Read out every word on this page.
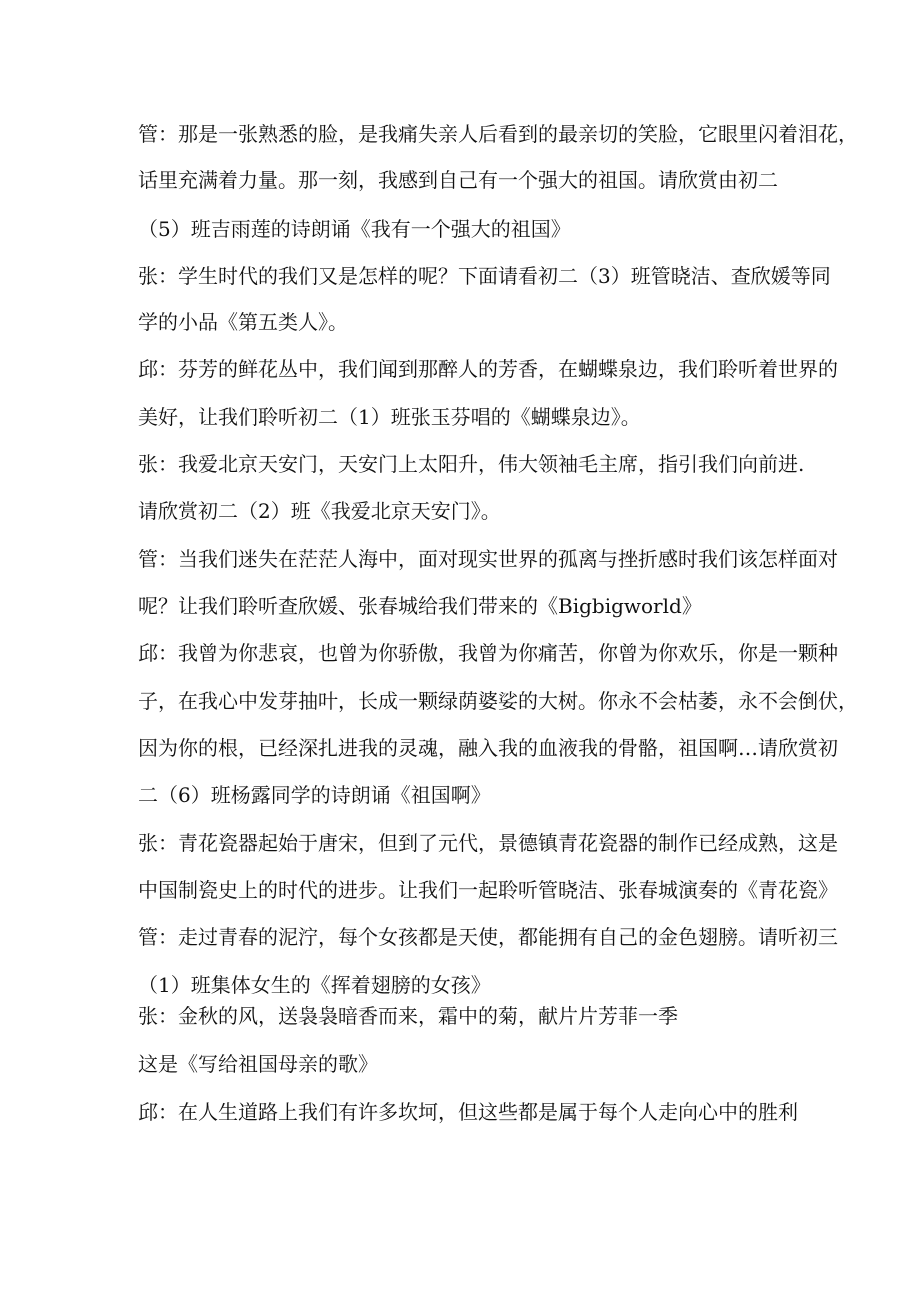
管：那是一张熟悉的脸，是我痛失亲人后看到的最亲切的笑脸，它眼里闪着泪花，
话里充满着力量。那一刻，我感到自己有一个强大的祖国。请欣赏由初二
（5）班吉雨莲的诗朗诵《我有一个强大的祖国》
张：学生时代的我们又是怎样的呢？下面请看初二（3）班管晓洁、查欣媛等同
学的小品《第五类人》。
邱：芬芳的鲜花丛中，我们闻到那醉人的芳香，在蝴蝶泉边，我们聆听着世界的
美好，让我们聆听初二（1）班张玉芬唱的《蝴蝶泉边》。
张：我爱北京天安门，天安门上太阳升，伟大领袖毛主席，指引我们向前进.
请欣赏初二（2）班《我爱北京天安门》。
管：当我们迷失在茫茫人海中，面对现实世界的孤离与挫折感时我们该怎样面对
呢？让我们聆听查欣媛、张春城给我们带来的《Bigbigworld》
邱：我曾为你悲哀，也曾为你骄傲，我曾为你痛苦，你曾为你欢乐，你是一颗种
子，在我心中发芽抽叶，长成一颗绿荫婆娑的大树。你永不会枯萎，永不会倒伏，
因为你的根，已经深扎进我的灵魂，融入我的血液我的骨骼，祖国啊…请欣赏初
二（6）班杨露同学的诗朗诵《祖国啊》
张：青花瓷器起始于唐宋，但到了元代，景德镇青花瓷器的制作已经成熟，这是
中国制瓷史上的时代的进步。让我们一起聆听管晓洁、张春城演奏的《青花瓷》
管：走过青春的泥泞，每个女孩都是天使，都能拥有自己的金色翅膀。请听初三
（1）班集体女生的《挥着翅膀的女孩》
张：金秋的风，送袅袅暗香而来，霜中的菊，献片片芳菲一季
这是《写给祖国母亲的歌》
邱：在人生道路上我们有许多坎坷，但这些都是属于每个人走向心中的胜利
